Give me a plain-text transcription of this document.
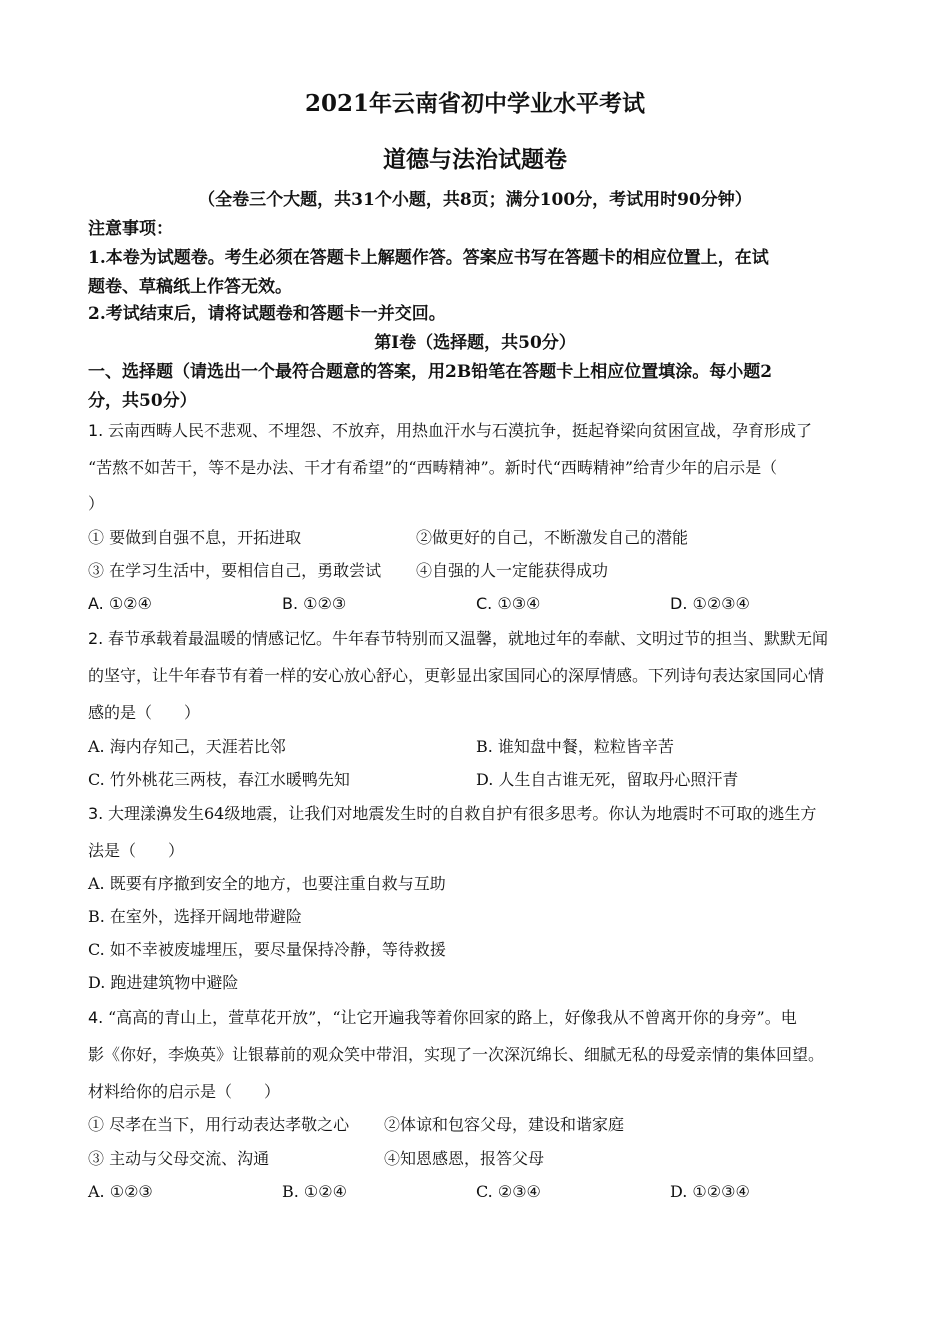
2021年云南省初中学业水平考试
道德与法治试题卷
（全卷三个大题，共31个小题，共8页；满分100分，考试用时90分钟）
注意事项：
1.本卷为试题卷。考生必须在答题卡上解题作答。答案应书写在答题卡的相应位置上，在试
题卷、草稿纸上作答无效。
2.考试结束后，请将试题卷和答题卡一并交回。
第Ⅰ卷（选择题，共50分）
一、选择题（请选出一个最符合题意的答案，用2B铅笔在答题卡上相应位置填涂。每小题2
分，共50分）
1. 云南西畴人民不悲观、不埋怨、不放弃，用热血汗水与石漠抗争，挺起脊梁向贫困宣战，孕育形成了
“苦熬不如苦干，等不是办法、干才有希望”的“西畴精神”。新时代“西畴精神”给青少年的启示是（
）
① 要做到自强不息，开拓进取	②做更好的自己，不断激发自己的潜能
③ 在学习生活中，要相信自己，勇敢尝试 ④自强的人一定能获得成功
A. ①②④	B. ①②③	C. ①③④	D. ①②③④
2. 春节承载着最温暖的情感记忆。牛年春节特别而又温馨，就地过年的奉献、文明过节的担当、默默无闻
的坚守，让牛年春节有着一样的安心放心舒心，更彰显出家国同心的深厚情感。下列诗句表达家国同心情
感的是（　　）
A. 海内存知己，天涯若比邻	B. 谁知盘中餐，粒粒皆辛苦
C. 竹外桃花三两枝，春江水暖鸭先知	D. 人生自古谁无死，留取丹心照汗青
3. 大理漾濞发生64级地震，让我们对地震发生时的自救自护有很多思考。你认为地震时不可取的逃生方
法是（　　）
A. 既要有序撤到安全的地方，也要注重自救与互助
B. 在室外，选择开阔地带避险
C. 如不幸被废墟埋压，要尽量保持冷静，等待救援
D. 跑进建筑物中避险
4. “高高的青山上，萱草花开放”，“让它开遍我等着你回家的路上，好像我从不曾离开你的身旁”。电
影《你好，李焕英》让银幕前的观众笑中带泪，实现了一次深沉绵长、细腻无私的母爱亲情的集体回望。
材料给你的启示是（　　）
① 尽孝在当下，用行动表达孝敬之心 ②体谅和包容父母，建设和谐家庭
③ 主动与父母交流、沟通	④知恩感恩，报答父母
A. ①②③	B. ①②④	C. ②③④	D. ①②③④
